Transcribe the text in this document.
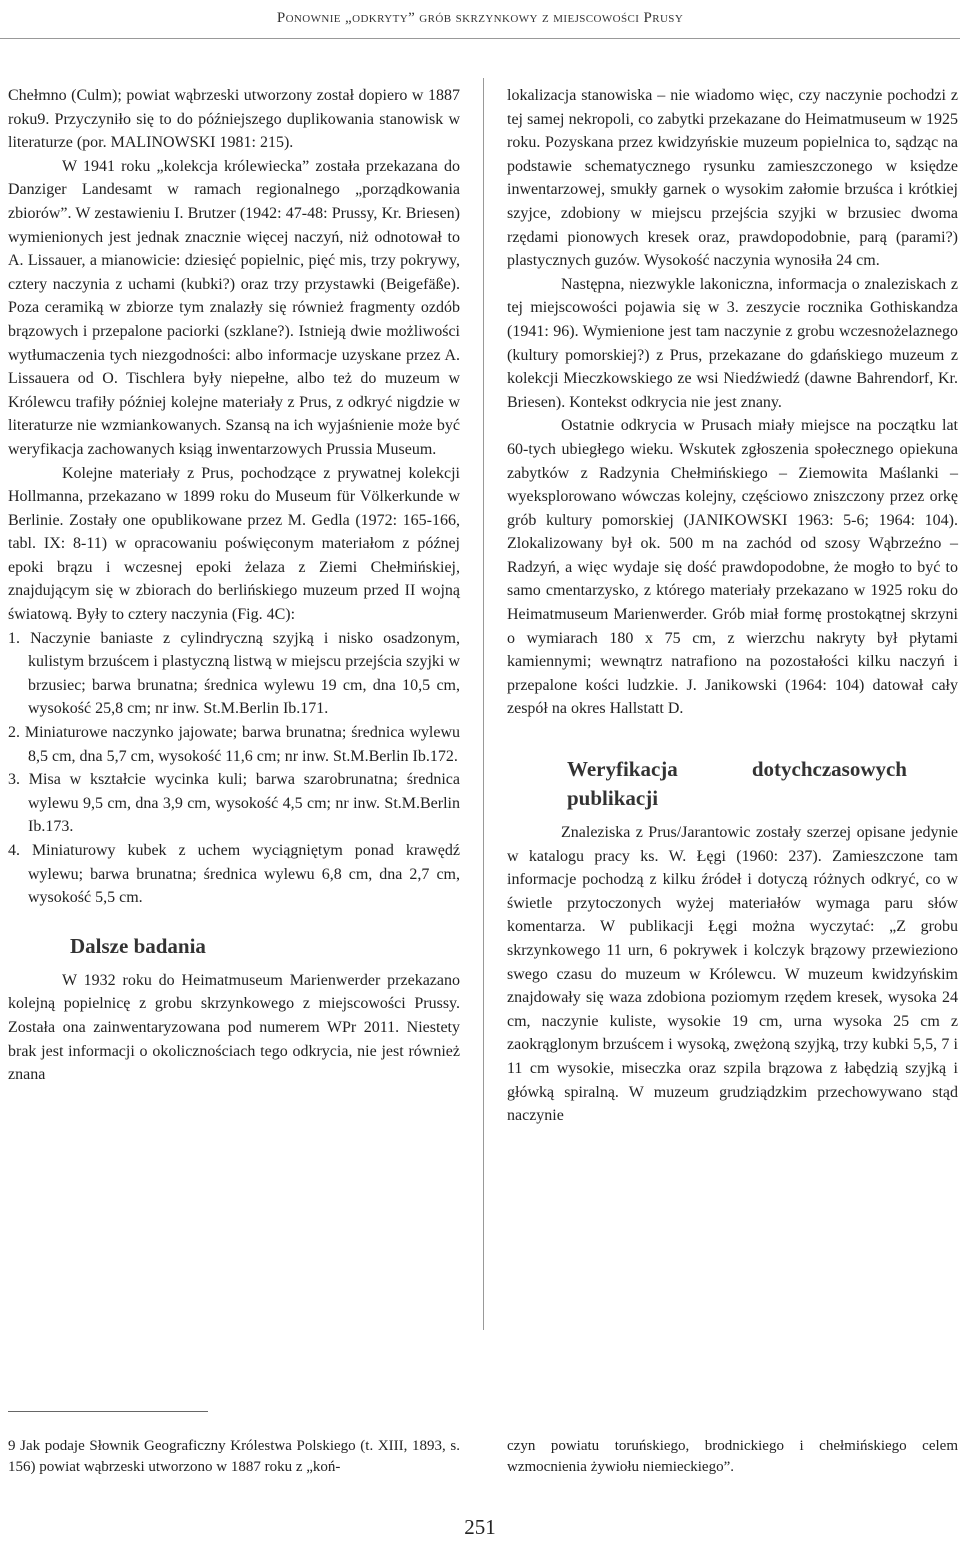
Ponownie „odkryty” grób skrzynkowy z miejscowości Prusy

Chełmno (Culm); powiat wąbrzeski utworzony został dopiero w 1887 roku9. Przyczyniło się to do późniejszego duplikowania stanowisk w literaturze (por. MALINOWSKI 1981: 215).

W 1941 roku „kolekcja królewiecka” została przekazana do Danziger Landesamt w ramach regionalnego „porządkowania zbiorów”. W zestawieniu I. Brutzer (1942: 47-48: Prussy, Kr. Briesen) wymienionych jest jednak znacznie więcej naczyń, niż odnotował to A. Lissauer, a mianowicie: dziesięć popielnic, pięć mis, trzy pokrywy, cztery naczynia z uchami (kubki?) oraz trzy przystawki (Beigefäße). Poza ceramiką w zbiorze tym znalazły się również fragmenty ozdób brązowych i przepalone paciorki (szklane?). Istnieją dwie możliwości wytłumaczenia tych niezgodności: albo informacje uzyskane przez A. Lissauera od O. Tischlera były niepełne, albo też do muzeum w Królewcu trafiły później kolejne materiały z Prus, z odkryć nigdzie w literaturze nie wzmiankowanych. Szansą na ich wyjaśnienie może być weryfikacja zachowanych ksiąg inwentarzowych Prussia Museum.

Kolejne materiały z Prus, pochodzące z prywatnej kolekcji Hollmanna, przekazano w 1899 roku do Museum für Völkerkunde w Berlinie. Zostały one opublikowane przez M. Gedla (1972: 165-166, tabl. IX: 8-11) w opracowaniu poświęconym materiałom z późnej epoki brązu i wczesnej epoki żelaza z Ziemi Chełmińskiej, znajdującym się w zbiorach do berlińskiego muzeum przed II wojną światową. Były to cztery naczynia (Fig. 4C):

1. Naczynie baniaste z cylindryczną szyjką i nisko osadzonym, kulistym brzuścem i plastyczną listwą w miejscu przejścia szyjki w brzusiec; barwa brunatna; średnica wylewu 19 cm, dna 10,5 cm, wysokość 25,8 cm; nr inw. St.M.Berlin Ib.171.

2. Miniaturowe naczynko jajowate; barwa brunatna; średnica wylewu 8,5 cm, dna 5,7 cm, wysokość 11,6 cm; nr inw. St.M.Berlin Ib.172.

3. Misa w kształcie wycinka kuli; barwa szarobrunatna; średnica wylewu 9,5 cm, dna 3,9 cm, wysokość 4,5 cm; nr inw. St.M.Berlin Ib.173.

4. Miniaturowy kubek z uchem wyciągniętym ponad krawędź wylewu; barwa brunatna; średnica wylewu 6,8 cm, dna 2,7 cm, wysokość 5,5 cm.

Dalsze badania

W 1932 roku do Heimatmuseum Marienwerder przekazano kolejną popielnicę z grobu skrzynkowego z miejscowości Prussy. Została ona zainwentaryzowana pod numerem WPr 2011. Niestety brak jest informacji o okolicznościach tego odkrycia, nie jest również znana

lokalizacja stanowiska – nie wiadomo więc, czy naczynie pochodzi z tej samej nekropoli, co zabytki przekazane do Heimatmuseum w 1925 roku. Pozyskana przez kwidzyńskie muzeum popielnica to, sądząc na podstawie schematycznego rysunku zamieszczonego w księdze inwentarzowej, smukły garnek o wysokim załomie brzuśca i krótkiej szyjce, zdobiony w miejscu przejścia szyjki w brzusiec dwoma rzędami pionowych kresek oraz, prawdopodobnie, parą (parami?) plastycznych guzów. Wysokość naczynia wynosiła 24 cm.

Następna, niezwykle lakoniczna, informacja o znaleziskach z tej miejscowości pojawia się w 3. zeszycie rocznika Gothiskandza (1941: 96). Wymienione jest tam naczynie z grobu wczesnożelaznego (kultury pomorskiej?) z Prus, przekazane do gdańskiego muzeum z kolekcji Mieczkowskiego ze wsi Niedźwiedź (dawne Bahrendorf, Kr. Briesen). Kontekst odkrycia nie jest znany.

Ostatnie odkrycia w Prusach miały miejsce na początku lat 60-tych ubiegłego wieku. Wskutek zgłoszenia społecznego opiekuna zabytków z Radzynia Chełmińskiego – Ziemowita Maślanki – wyeksplorowano wówczas kolejny, częściowo zniszczony przez orkę grób kultury pomorskiej (JANIKOWSKI 1963: 5-6; 1964: 104). Zlokalizowany był ok. 500 m na zachód od szosy Wąbrzeźno – Radzyń, a więc wydaje się dość prawdopodobne, że mogło to być to samo cmentarzysko, z którego materiały przekazano w 1925 roku do Heimatmuseum Marienwerder. Grób miał formę prostokątnej skrzyni o wymiarach 180 x 75 cm, z wierzchu nakryty był płytami kamiennymi; wewnątrz natrafiono na pozostałości kilku naczyń i przepalone kości ludzkie. J. Janikowski (1964: 104) datował cały zespół na okres Hallstatt D.

Weryfikacja dotychczasowych publikacji

Znaleziska z Prus/Jarantowic zostały szerzej opisane jedynie w katalogu pracy ks. W. Łęgi (1960: 237). Zamieszczone tam informacje pochodzą z kilku źródeł i dotyczą różnych odkryć, co w świetle przytoczonych wyżej materiałów wymaga paru słów komentarza. W publikacji Łęgi można wyczytać: „Z grobu skrzynkowego 11 urn, 6 pokrywek i kolczyk brązowy przewieziono swego czasu do muzeum w Królewcu. W muzeum kwidzyńskim znajdowały się waza zdobiona poziomym rzędem kresek, wysoka 24 cm, naczynie kuliste, wysokie 19 cm, urna wysoka 25 cm z zaokrąglonym brzuścem i wysoką, zwężoną szyjką, trzy kubki 5,5, 7 i 11 cm wysokie, miseczka oraz szpila brązowa z łabędzią szyjką i główką spiralną. W muzeum grudziądzkim przechowywano stąd naczynie

9 Jak podaje Słownik Geograficzny Królestwa Polskiego (t. XIII, 1893, s. 156) powiat wąbrzeski utworzono w 1887 roku z „koń-
czyn powiatu toruńskiego, brodnickiego i chełmińskiego celem wzmocnienia żywiołu niemieckiego”.
251
